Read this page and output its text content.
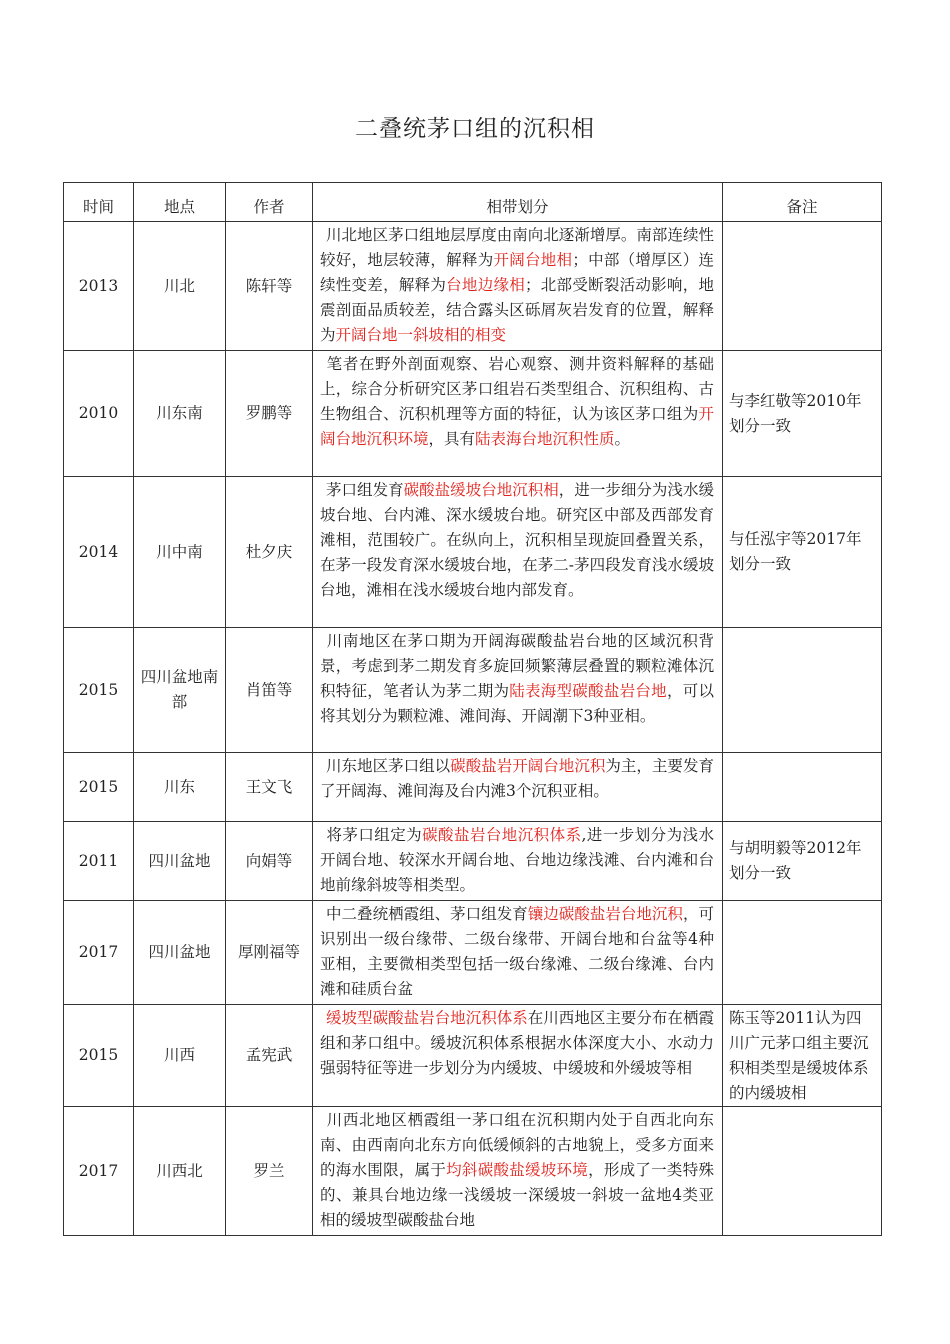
二叠统茅口组的沉积相
时间	地点	作者	相带划分	备注
2013	川北	陈轩等	川北地区茅口组地层厚度由南向北逐渐增厚。南部连续性较好，地层较薄，解释为开阔台地相；中部（增厚区）连续性变差，解释为台地边缘相；北部受断裂活动影响，地震剖面品质较差，结合露头区砾屑灰岩发育的位置，解释为开阔台地一斜坡相的相变	
2010	川东南	罗鹏等	笔者在野外剖面观察、岩心观察、测井资料解释的基础上，综合分析研究区茅口组岩石类型组合、沉积组构、古生物组合、沉积机理等方面的特征，认为该区茅口组为开阔台地沉积环境，具有陆表海台地沉积性质。	与李红敬等2010年划分一致
2014	川中南	杜夕庆	茅口组发育碳酸盐缓坡台地沉积相，进一步细分为浅水缓坡台地、台内滩、深水缓坡台地。研究区中部及西部发育滩相，范围较广。在纵向上，沉积相呈现旋回叠置关系，在茅一段发育深水缓坡台地，在茅二-茅四段发育浅水缓坡台地，滩相在浅水缓坡台地内部发育。	与任泓宇等2017年划分一致
2015	四川盆地南部	肖笛等	川南地区在茅口期为开阔海碳酸盐岩台地的区域沉积背景，考虑到茅二期发育多旋回频繁薄层叠置的颗粒滩体沉积特征，笔者认为茅二期为陆表海型碳酸盐岩台地，可以将其划分为颗粒滩、滩间海、开阔潮下3种亚相。	
2015	川东	王文飞	川东地区茅口组以碳酸盐岩开阔台地沉积为主，主要发育了开阔海、滩间海及台内滩3个沉积亚相。	
2011	四川盆地	向娟等	将茅口组定为碳酸盐岩台地沉积体系,进一步划分为浅水开阔台地、较深水开阔台地、台地边缘浅滩、台内滩和台地前缘斜坡等相类型。	与胡明毅等2012年划分一致
2017	四川盆地	厚刚福等	中二叠统栖霞组、茅口组发育镶边碳酸盐岩台地沉积，可识别出一级台缘带、二级台缘带、开阔台地和台盆等4种亚相，主要微相类型包括一级台缘滩、二级台缘滩、台内滩和硅质台盆	
2015	川西	孟宪武	缓坡型碳酸盐岩台地沉积体系在川西地区主要分布在栖霞组和茅口组中。缓坡沉积体系根据水体深度大小、水动力强弱特征等进一步划分为内缓坡、中缓坡和外缓坡等相	陈玉等2011认为四川广元茅口组主要沉积相类型是缓坡体系的内缓坡相
2017	川西北	罗兰	川西北地区栖霞组一茅口组在沉积期内处于自西北向东南、由西南向北东方向低缓倾斜的古地貌上，受多方面来的海水围限，属于均斜碳酸盐缓坡环境，形成了一类特殊的、兼具台地边缘一浅缓坡一深缓坡一斜坡一盆地4类亚相的缓坡型碳酸盐台地	
